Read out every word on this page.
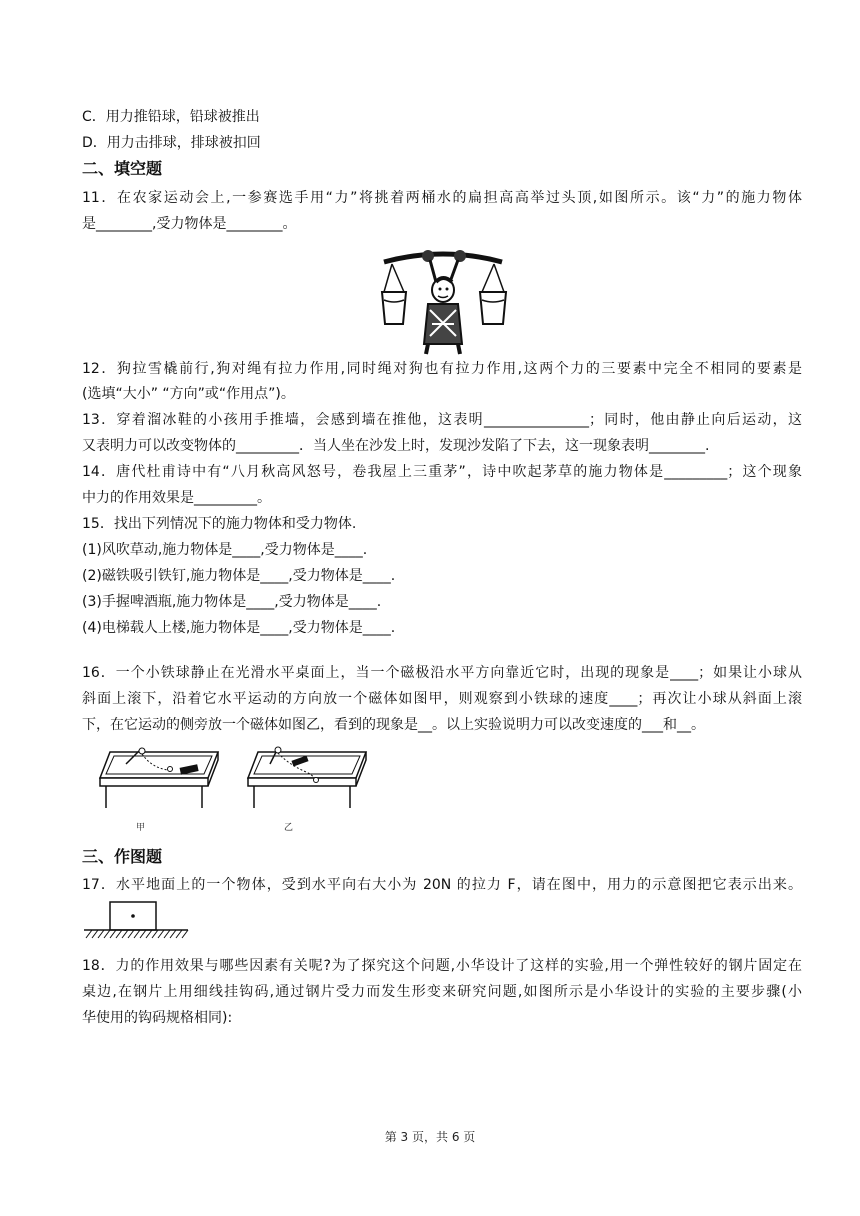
C．用力推铅球，铅球被推出
D．用力击排球，排球被扣回
二、填空题
11．在农家运动会上,一参赛选手用“力”将挑着两桶水的扁担高高举过头顶,如图所示。该“力”的施力物体
是________,受力物体是________。
12．狗拉雪橇前行,狗对绳有拉力作用,同时绳对狗也有拉力作用,这两个力的三要素中完全不相同的要素是
(选填“大小” “方向”或“作用点”)。
13．穿着溜冰鞋的小孩用手推墙，会感到墙在推他，这表明_______________；同时，他由静止向后运动，这
又表明力可以改变物体的_________．当人坐在沙发上时，发现沙发陷了下去，这一现象表明________.
14．唐代杜甫诗中有“八月秋高风怒号，卷我屋上三重茅”，诗中吹起茅草的施力物体是_________；这个现象
中力的作用效果是_________。
15．找出下列情况下的施力物体和受力物体.
(1)风吹草动,施力物体是____,受力物体是____.
(2)磁铁吸引铁钉,施力物体是____,受力物体是____.
(3)手握啤酒瓶,施力物体是____,受力物体是____.
(4)电梯载人上楼,施力物体是____,受力物体是____.
16．一个小铁球静止在光滑水平桌面上，当一个磁极沿水平方向靠近它时，出现的现象是____；如果让小球从
斜面上滚下，沿着它水平运动的方向放一个磁体如图甲，则观察到小铁球的速度____；再次让小球从斜面上滚
下，在它运动的侧旁放一个磁体如图乙，看到的现象是__。以上实验说明力可以改变速度的___和__。
甲	乙
三、作图题
17．水平地面上的一个物体，受到水平向右大小为 20N 的拉力 F，请在图中，用力的示意图把它表示出来。
18．力的作用效果与哪些因素有关呢?为了探究这个问题,小华设计了这样的实验,用一个弹性较好的钢片固定在
桌边,在钢片上用细线挂钩码,通过钢片受力而发生形变来研究问题,如图所示是小华设计的实验的主要步骤(小
华使用的钩码规格相同):
第 3 页，共 6 页
